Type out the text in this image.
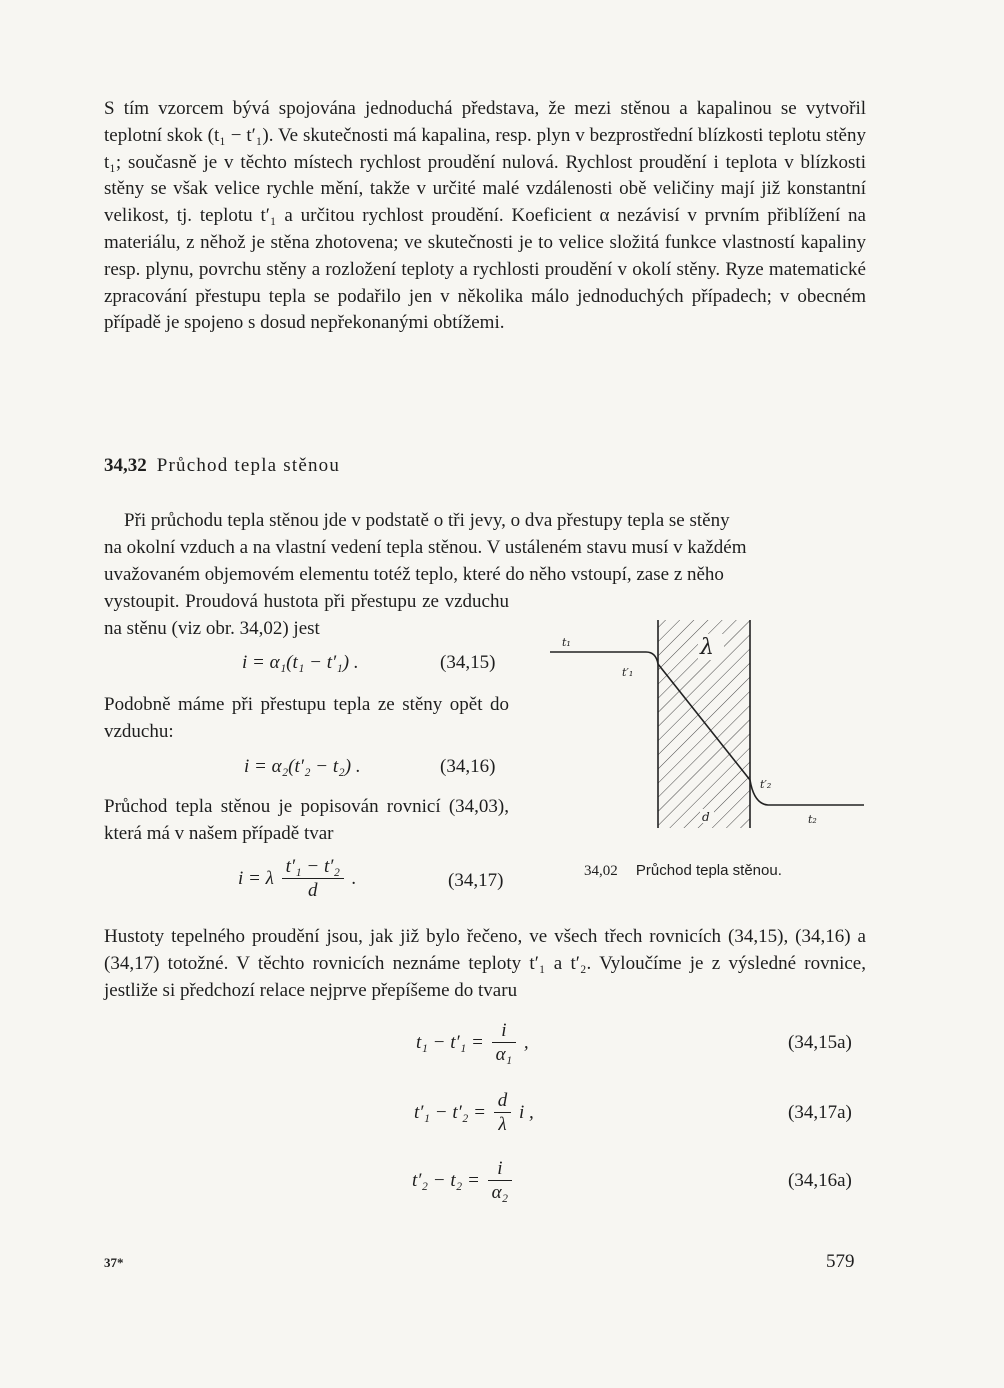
S tím vzorcem bývá spojována jednoduchá představa, že mezi stěnou a kapalinou se vytvořil teplotní skok (t₁ − t′₁). Ve skutečnosti má kapalina, resp. plyn v bezprostřední blízkosti teplotu stěny t₁; současně je v těchto místech rychlost proudění nulová. Rychlost proudění i teplota v blízkosti stěny se však velice rychle mění, takže v určité malé vzdálenosti obě veličiny mají již konstantní velikost, tj. teplotu t′₁ a určitou rychlost proudění. Koeficient α nezávisí v prvním přiblížení na materiálu, z něhož je stěna zhotovena; ve skutečnosti je to velice složitá funkce vlastností kapaliny resp. plynu, povrchu stěny a rozložení teploty a rychlosti proudění v okolí stěny. Ryze matematické zpracování přestupu tepla se podařilo jen v několika málo jednoduchých případech; v obecném případě je spojeno s dosud nepřekonanými obtížemi.

34,32 Průchod tepla stěnou

Při průchodu tepla stěnou jde v podstatě o tři jevy, o dva přestupy tepla se stěny
na okolní vzduch a na vlastní vedení tepla stěnou. V ustáleném stavu musí v každém
uvažovaném objemovém elementu totéž teplo, které do něho vstoupí, zase z něho

vystoupit. Proudová hustota při přestupu ze vzduchu na stěnu (viz obr. 34,02) jest

i = α₁(t₁ − t′₁) .	(34,15)

Podobně máme při přestupu tepla ze stěny opět do vzduchu:

i = α₂(t′₂ − t₂) .	(34,16)

Průchod tepla stěnou je popisován rovnicí (34,03), která má v našem případě tvar

i = λ $\frac{\text{t′₁ − t′₂}}{d}$ .	(34,17)
λ
t₁
t′₁
t′₂
t₂
d
34,02 Průchod tepla stěnou.

Hustoty tepelného proudění jsou, jak již bylo řečeno, ve všech třech rovnicích (34,15), (34,16) a (34,17) totožné. V těchto rovnicích neznáme teploty t′₁ a t′₂. Vyloučíme je z výsledné rovnice, jestliže si předchozí relace nejprve přepíšeme do tvaru

$t_1 - t'_1 = \frac{i}{\text{α₁}}$ ,	(34,15a)
$t'_1 - t'_2 = \frac{d}{\lambda}$ i ,	(34,17a)
$t'_2 - t_2 = \frac{i}{\text{α₂}}$	(34,16a)
37*	579
